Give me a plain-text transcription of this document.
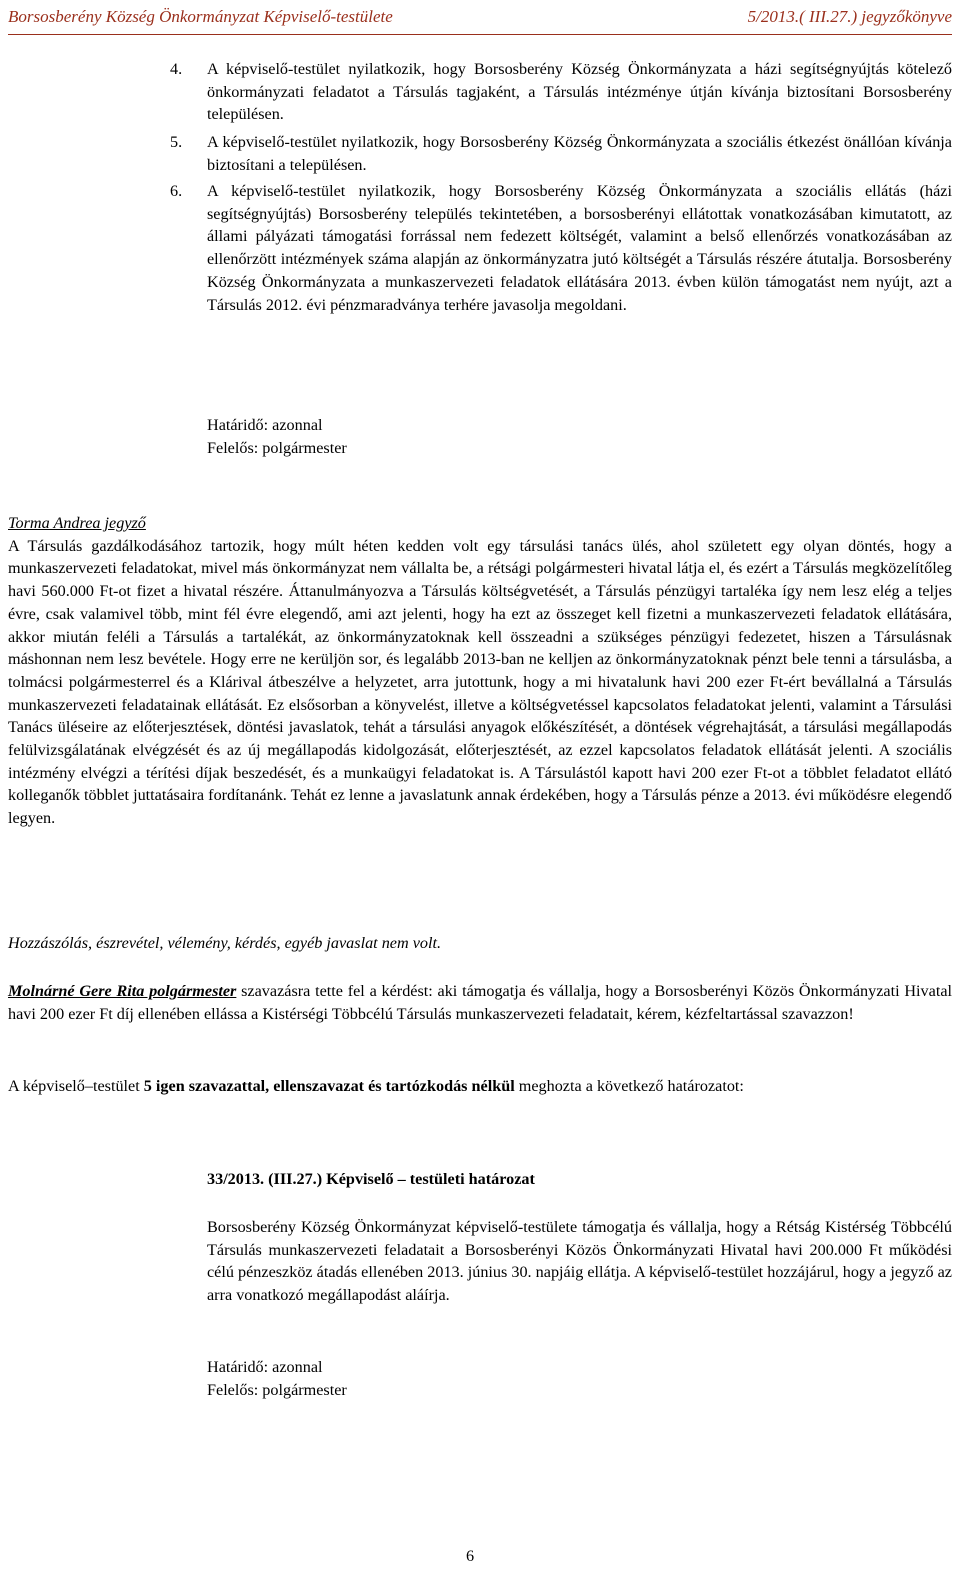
Borsosberény Község Önkormányzat Képviselő-testülete	5/2013.( III.27.) jegyzőkönyve
4. A képviselő-testület nyilatkozik, hogy Borsosberény Község Önkormányzata a házi segítségnyújtás kötelező önkormányzati feladatot a Társulás tagjaként, a Társulás intézménye útján kívánja biztosítani Borsosberény településen.

5. A képviselő-testület nyilatkozik, hogy Borsosberény Község Önkormányzata a szociális étkezést önállóan kívánja biztosítani a településen.

6. A képviselő-testület nyilatkozik, hogy Borsosberény Község Önkormányzata a szociális ellátás (házi segítségnyújtás) Borsosberény település tekintetében, a borsosberényi ellátottak vonatkozásában kimutatott, az állami pályázati támogatási forrással nem fedezett költségét, valamint a belső ellenőrzés vonatkozásában az ellenőrzött intézmények száma alapján az önkormányzatra jutó költségét a Társulás részére átutalja. Borsosberény Község Önkormányzata a munkaszervezeti feladatok ellátására 2013. évben külön támogatást nem nyújt, azt a Társulás 2012. évi pénzmaradványa terhére javasolja megoldani.

Határidő: azonnal
Felelős: polgármester
Torma Andrea jegyző

A Társulás gazdálkodásához tartozik, hogy múlt héten kedden volt egy társulási tanács ülés, ahol született egy olyan döntés, hogy a munkaszervezeti feladatokat, mivel más önkormányzat nem vállalta be, a rétsági polgármesteri hivatal látja el, és ezért a Társulás megközelítőleg havi 560.000 Ft-ot fizet a hivatal részére. Áttanulmányozva a Társulás költségvetését, a Társulás pénzügyi tartaléka így nem lesz elég a teljes évre, csak valamivel több, mint fél évre elegendő, ami azt jelenti, hogy ha ezt az összeget kell fizetni a munkaszervezeti feladatok ellátására, akkor miután feléli a Társulás a tartalékát, az önkormányzatoknak kell összeadni a szükséges pénzügyi fedezetet, hiszen a Társulásnak máshonnan nem lesz bevétele. Hogy erre ne kerüljön sor, és legalább 2013-ban ne kelljen az önkormányzatoknak pénzt bele tenni a társulásba, a tolmácsi polgármesterrel és a Klárival átbeszélve a helyzetet, arra jutottunk, hogy a mi hivatalunk havi 200 ezer Ft-ért bevállalná a Társulás munkaszervezeti feladatainak ellátását. Ez elsősorban a könyvelést, illetve a költségvetéssel kapcsolatos feladatokat jelenti, valamint a Társulási Tanács üléseire az előterjesztések, döntési javaslatok, tehát a társulási anyagok előkészítését, a döntések végrehajtását, a társulási megállapodás felülvizsgálatának elvégzését és az új megállapodás kidolgozását, előterjesztését, az ezzel kapcsolatos feladatok ellátását jelenti. A szociális intézmény elvégzi a térítési díjak beszedését, és a munkaügyi feladatokat is. A Társulástól kapott havi 200 ezer Ft-ot a többlet feladatot ellátó kolleganők többlet juttatásaira fordítanánk. Tehát ez lenne a javaslatunk annak érdekében, hogy a Társulás pénze a 2013. évi működésre elegendő legyen.

Hozzászólás, észrevétel, vélemény, kérdés, egyéb javaslat nem volt.

Molnárné Gere Rita polgármester szavazásra tette fel a kérdést: aki támogatja és vállalja, hogy a Borsosberényi Közös Önkormányzati Hivatal havi 200 ezer Ft díj ellenében ellássa a Kistérségi Többcélú Társulás munkaszervezeti feladatait, kérem, kézfeltartással szavazzon!

A képviselő–testület 5 igen szavazattal, ellenszavazat és tartózkodás nélkül meghozta a következő határozatot:

33/2013. (III.27.) Képviselő – testületi határozat

Borsosberény Község Önkormányzat képviselő-testülete támogatja és vállalja, hogy a Rétság Kistérség Többcélú Társulás munkaszervezeti feladatait a Borsosberényi Közös Önkormányzati Hivatal havi 200.000 Ft működési célú pénzeszköz átadás ellenében 2013. június 30. napjáig ellátja. A képviselő-testület hozzájárul, hogy a jegyző az arra vonatkozó megállapodást aláírja.

Határidő: azonnal
Felelős: polgármester
6
